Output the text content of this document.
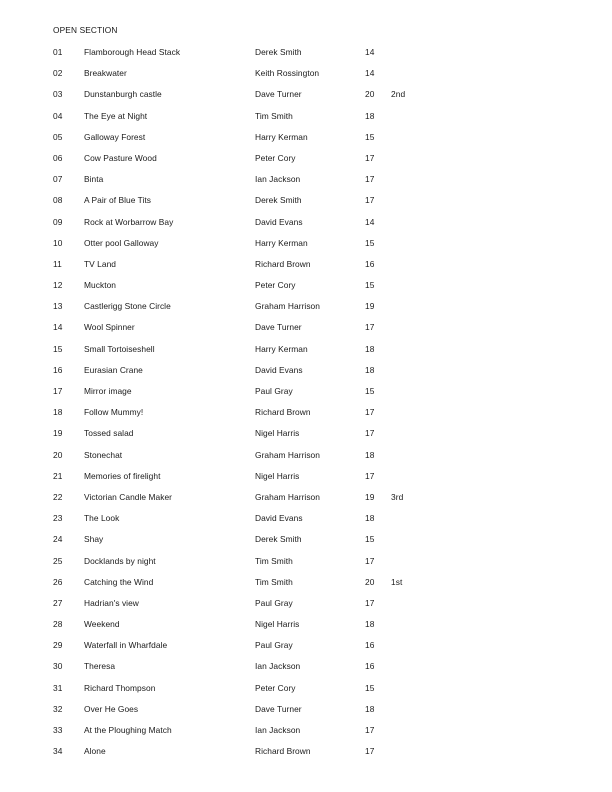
OPEN SECTION
01	Flamborough Head Stack	Derek Smith	14
02	Breakwater	Keith Rossington	14
03	Dunstanburgh castle	Dave Turner	20 2nd
04	The Eye at Night	Tim Smith	18
05	Galloway Forest	Harry Kerman	15
06	Cow Pasture Wood	Peter Cory	17
07	Binta	Ian Jackson	17
08	A Pair of Blue Tits	Derek Smith	17
09	Rock at Worbarrow Bay	David Evans	14
10	Otter pool Galloway	Harry Kerman	15
11	TV Land	Richard Brown	16
12	Muckton	Peter Cory	15
13	Castlerigg Stone Circle	Graham Harrison	19
14	Wool Spinner	Dave Turner	17
15	Small Tortoiseshell	Harry Kerman	18
16	Eurasian Crane	David Evans	18
17	Mirror image	Paul Gray	15
18	Follow Mummy!	Richard Brown	17
19	Tossed salad	Nigel Harris	17
20	Stonechat	Graham Harrison	18
21	Memories of firelight	Nigel Harris	17
22	Victorian Candle Maker	Graham Harrison	19 3rd
23	The Look	David Evans	18
24	Shay	Derek Smith	15
25	Docklands by night	Tim Smith	17
26	Catching the Wind	Tim Smith	20 1st
27	Hadrian's view	Paul Gray	17
28	Weekend	Nigel Harris	18
29	Waterfall in Wharfdale	Paul Gray	16
30	Theresa	Ian Jackson	16
31	Richard Thompson	Peter Cory	15
32	Over He Goes	Dave Turner	18
33	At the Ploughing Match	Ian Jackson	17
34	Alone	Richard Brown	17
